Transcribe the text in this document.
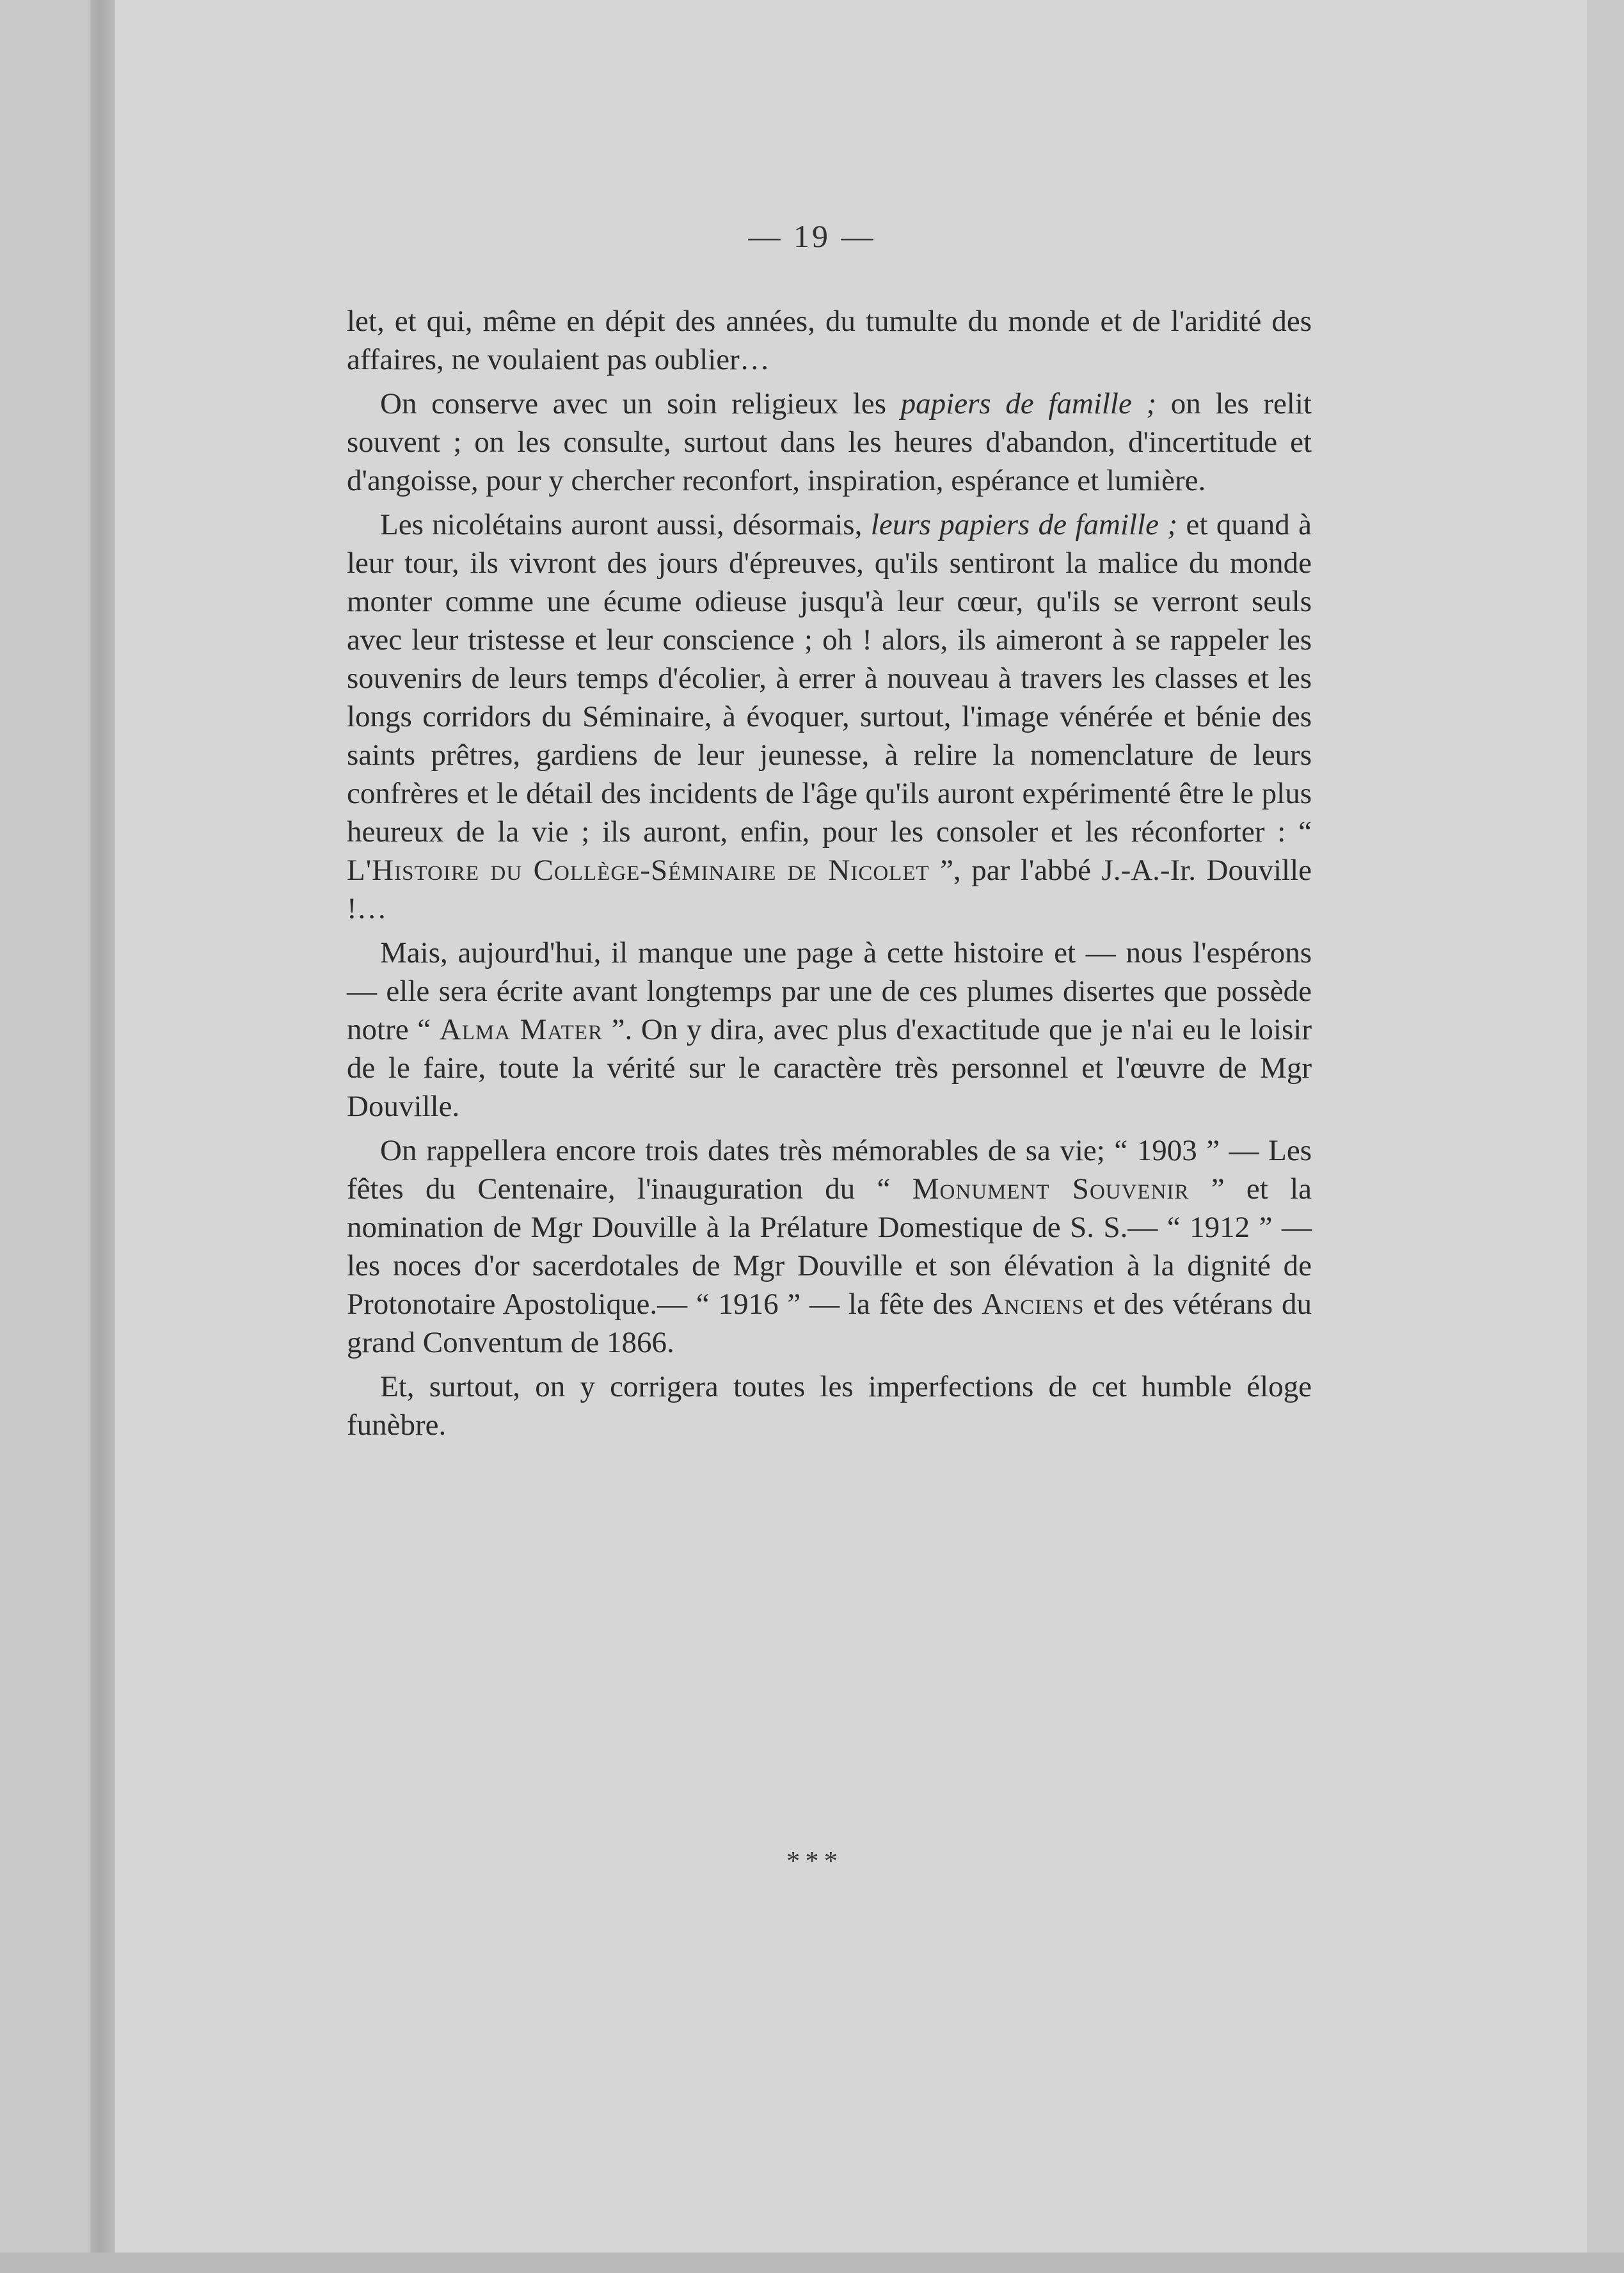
— 19 —

let, et qui, même en dépit des années, du tumulte du monde et de l'aridité des affaires, ne voulaient pas oublier…

On conserve avec un soin religieux les papiers de famille ; on les relit souvent ; on les consulte, surtout dans les heures d'abandon, d'incertitude et d'angoisse, pour y chercher reconfort, inspiration, espérance et lumière.

Les nicolétains auront aussi, désormais, leurs papiers de famille ; et quand à leur tour, ils vivront des jours d'épreuves, qu'ils sentiront la malice du monde monter comme une écume odieuse jusqu'à leur cœur, qu'ils se verront seuls avec leur tristesse et leur conscience ; oh ! alors, ils aimeront à se rappeler les souvenirs de leurs temps d'écolier, à errer à nouveau à travers les classes et les longs corridors du Séminaire, à évoquer, surtout, l'image vénérée et bénie des saints prêtres, gardiens de leur jeunesse, à relire la nomenclature de leurs confrères et le détail des incidents de l'âge qu'ils auront expérimenté être le plus heureux de la vie ; ils auront, enfin, pour les consoler et les réconforter : “ L'Histoire du Collège-Séminaire de Nicolet ”, par l'abbé J.-A.-Ir. Douville !…

Mais, aujourd'hui, il manque une page à cette histoire et — nous l'espérons — elle sera écrite avant longtemps par une de ces plumes disertes que possède notre “ Alma Mater ”. On y dira, avec plus d'exactitude que je n'ai eu le loisir de le faire, toute la vérité sur le caractère très personnel et l'œuvre de Mgr Douville.

On rappellera encore trois dates très mémorables de sa vie; “ 1903 ” — Les fêtes du Centenaire, l'inauguration du “ Monument Souvenir ” et la nomination de Mgr Douville à la Prélature Domestique de S. S.— “ 1912 ” — les noces d'or sacerdotales de Mgr Douville et son élévation à la dignité de Protonotaire Apostolique.— “ 1916 ” — la fête des Anciens et des vétérans du grand Conventum de 1866.

Et, surtout, on y corrigera toutes les imperfections de cet humble éloge funèbre.

* * *
